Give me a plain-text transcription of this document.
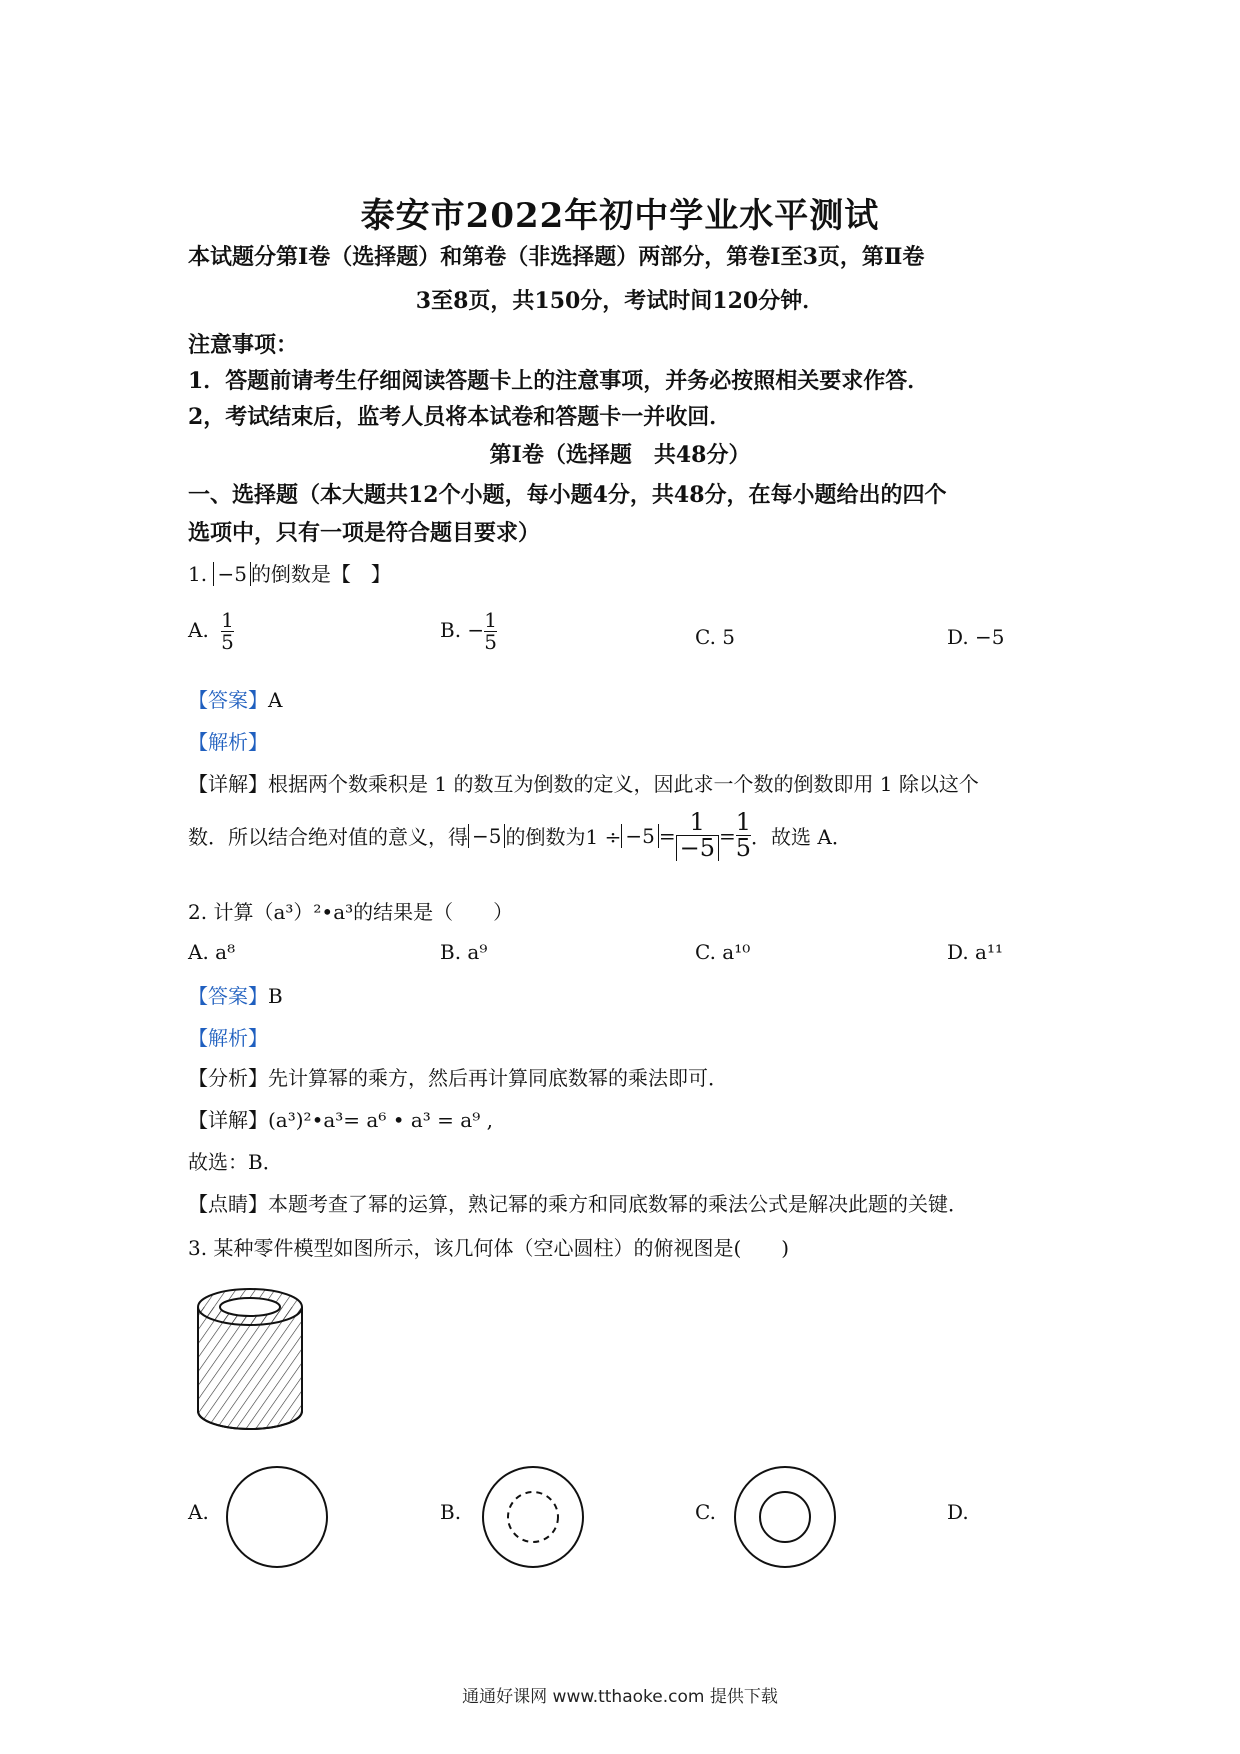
泰安市2022年初中学业水平测试
本试题分第Ⅰ卷（选择题）和第卷（非选择题）两部分，第卷Ⅰ至3页，第Ⅱ卷
3至8页，共150分，考试时间120分钟．
注意事项：
1．答题前请考生仔细阅读答题卡上的注意事项，并务必按照相关要求作答．
2，考试结束后，监考人员将本试卷和答题卡一并收回．
第Ⅰ卷（选择题　共48分）
一、选择题（本大题共12个小题，每小题4分，共48分，在每小题给出的四个
选项中，只有一项是符合题目要求）
1. −5 的倒数是【　】
A. $\frac{1}{5}$	B. − $\frac{1}{5}$	C. 5	D. −5
【答案】A
【解析】
【详解】根据两个数乘积是 1 的数互为倒数的定义，因此求一个数的倒数即用 1 除以这个
数．所以结合绝对值的意义，得 −5 的倒数为$1 \div -5 = \frac{1}{-5} = \frac{1}{5}$ ．故选 A．
2. 计算（a³）²•a³的结果是（　　）
A. a⁸	B. a⁹	C. a¹⁰	D. a¹¹
【答案】B
【解析】
【分析】先计算幂的乘方，然后再计算同底数幂的乘法即可．
【详解】(a³)²•a³= a⁶ • a³ = a⁹ ,
故选：B．
【点睛】本题考查了幂的运算，熟记幂的乘方和同底数幂的乘法公式是解决此题的关键．
3. 某种零件模型如图所示，该几何体（空心圆柱）的俯视图是(　　)
A.	B.	C.	D.
通通好课网 www.tthaoke.com 提供下载
